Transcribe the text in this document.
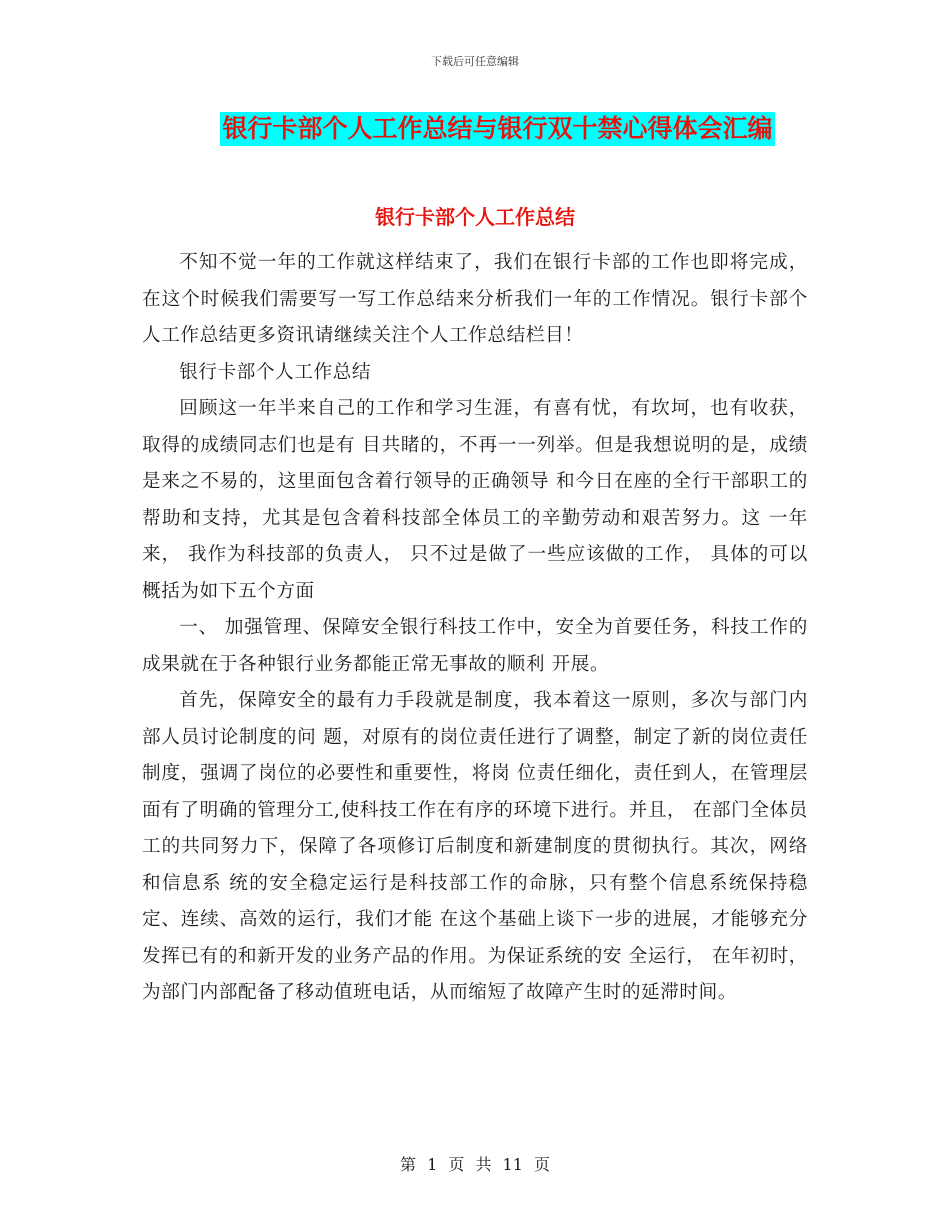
下载后可任意编辑
银行卡部个人工作总结与银行双十禁心得体会汇编
银行卡部个人工作总结

不知不觉一年的工作就这样结束了，我们在银行卡部的工作也即将完成，在这个时候我们需要写一写工作总结来分析我们一年的工作情况。银行卡部个人工作总结更多资讯请继续关注个人工作总结栏目！

银行卡部个人工作总结

回顾这一年半来自己的工作和学习生涯，有喜有忧，有坎坷，也有收获，取得的成绩同志们也是有 目共睹的，不再一一列举。但是我想说明的是，成绩是来之不易的，这里面包含着行领导的正确领导 和今日在座的全行干部职工的帮助和支持，尤其是包含着科技部全体员工的辛勤劳动和艰苦努力。这 一年来， 我作为科技部的负责人， 只不过是做了一些应该做的工作， 具体的可以概括为如下五个方面

一、 加强管理、保障安全银行科技工作中，安全为首要任务，科技工作的成果就在于各种银行业务都能正常无事故的顺利 开展。

首先，保障安全的最有力手段就是制度，我本着这一原则，多次与部门内部人员讨论制度的问 题，对原有的岗位责任进行了调整，制定了新的岗位责任制度，强调了岗位的必要性和重要性，将岗 位责任细化，责任到人，在管理层面有了明确的管理分工,使科技工作在有序的环境下进行。并且， 在部门全体员工的共同努力下，保障了各项修订后制度和新建制度的贯彻执行。其次，网络和信息系 统的安全稳定运行是科技部工作的命脉，只有整个信息系统保持稳定、连续、高效的运行，我们才能 在这个基础上谈下一步的进展，才能够充分发挥已有的和新开发的业务产品的作用。为保证系统的安 全运行， 在年初时， 为部门内部配备了移动值班电话，从而缩短了故障产生时的延滞时间。

第 1 页 共 11 页
